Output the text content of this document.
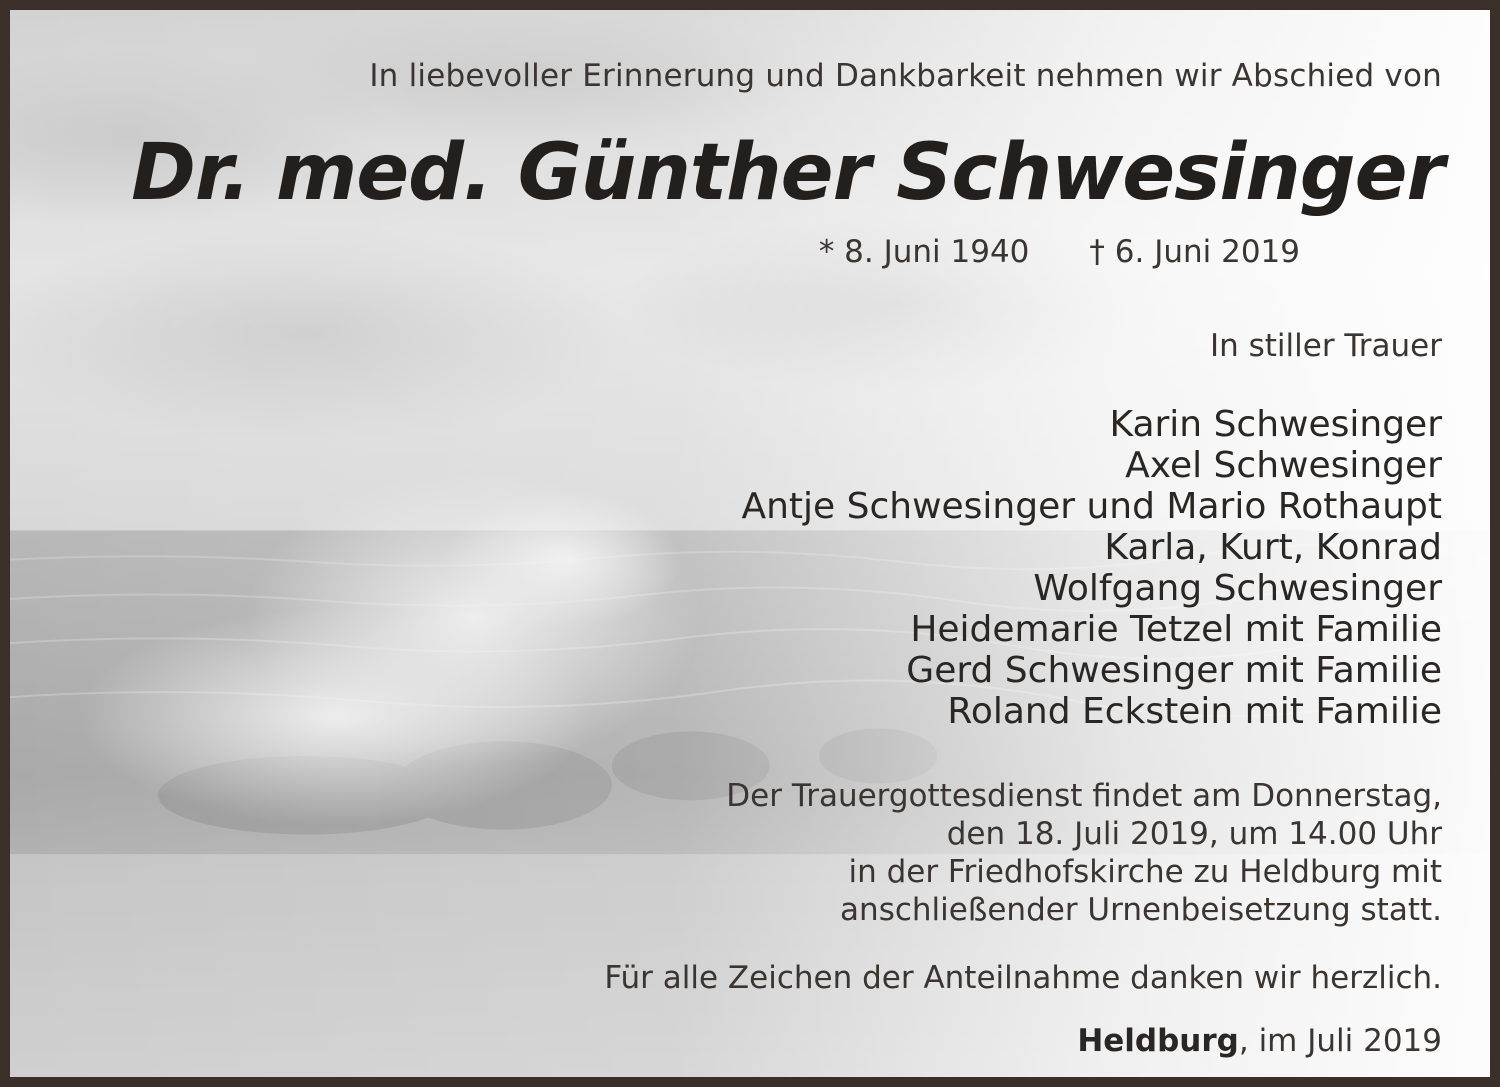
In liebevoller Erinnerung und Dankbarkeit nehmen wir Abschied von
Dr. med. Günther Schwesinger
* 8. Juni 1940 † 6. Juni 2019
In stiller Trauer
Karin Schwesinger
Axel Schwesinger
Antje Schwesinger und Mario Rothaupt
Karla, Kurt, Konrad
Wolfgang Schwesinger
Heidemarie Tetzel mit Familie
Gerd Schwesinger mit Familie
Roland Eckstein mit Familie
Der Trauergottesdienst findet am Donnerstag,
den 18. Juli 2019, um 14.00 Uhr
in der Friedhofskirche zu Heldburg mit
anschließender Urnenbeisetzung statt.
Für alle Zeichen der Anteilnahme danken wir herzlich.
Heldburg, im Juli 2019
